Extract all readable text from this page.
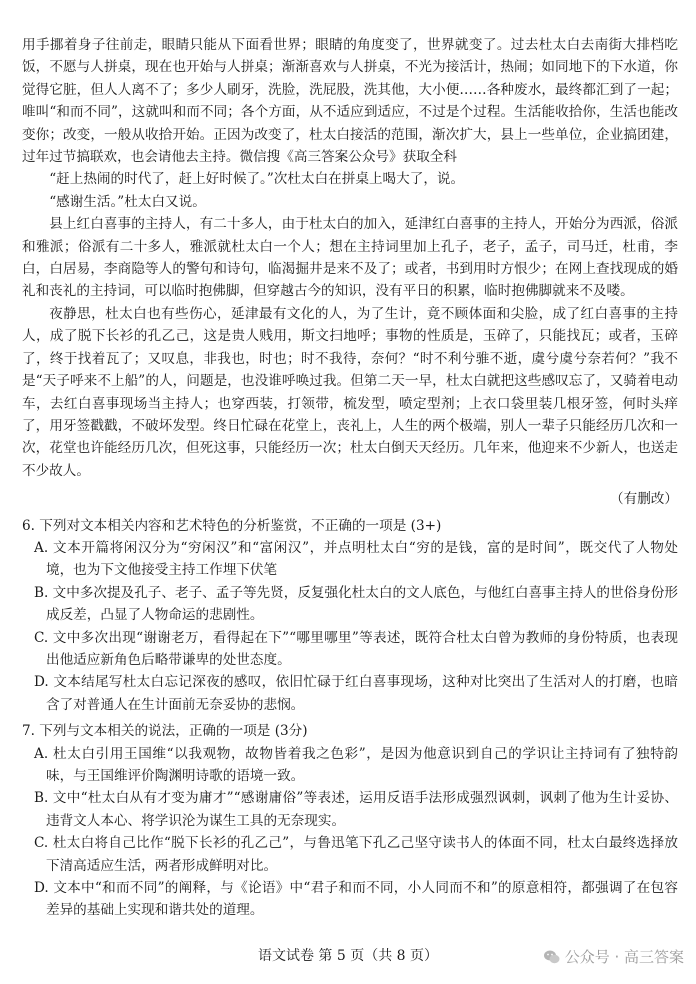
用手挪着身子往前走，眼睛只能从下面看世界；眼睛的角度变了，世界就变了。过去杜太白去南街大排档吃饭，不愿与人拼桌，现在也开始与人拼桌；渐渐喜欢与人拼桌，不光为接活计，热闹；如同地下的下水道，你觉得它脏，但人人离不了；多少人刷牙，洗脸，洗屁股，洗其他，大小便……各种废水，最终都汇到了一起；唯叫“和而不同”，这就叫和而不同；各个方面，从不适应到适应，不过是个过程。生活能收拾你，生活也能改变你；改变，一般从收拾开始。正因为改变了，杜太白接活的范围，渐次扩大，县上一些单位，企业搞团建，过年过节搞联欢，也会请他去主持。微信搜《高三答案公众号》获取全科

“赶上热闹的时代了，赶上好时候了。”次杜太白在拼桌上喝大了，说。

“感谢生活。”杜太白又说。

县上红白喜事的主持人，有二十多人，由于杜太白的加入，延津红白喜事的主持人，开始分为西派，俗派和雅派；俗派有二十多人，雅派就杜太白一个人；想在主持词里加上孔子，老子，孟子，司马迁，杜甫，李白，白居易，李商隐等人的警句和诗句，临渴掘井是来不及了；或者，书到用时方恨少；在网上查找现成的婚礼和丧礼的主持词，可以临时抱佛脚，但穿越古今的知识，没有平日的积累，临时抱佛脚就来不及喽。

夜静思，杜太白也有些伤心，延津最有文化的人，为了生计，竟不顾体面和尖脸，成了红白喜事的主持人，成了脱下长衫的孔乙己，这是贵人贱用，斯文扫地呼；事物的性质是，玉碎了，只能找瓦；或者，玉碎了，终于找着瓦了；又叹息，非我也，时也；时不我待，奈何？“时不利兮骓不逝，虞兮虞兮奈若何？”我不是“天子呼来不上船”的人，问题是，也没谁呼唤过我。但第二天一早，杜太白就把这些感叹忘了，又骑着电动车，去红白喜事现场当主持人；也穿西装，打领带，梳发型，喷定型剂；上衣口袋里装几根牙签，何时头痒了，用牙签戳戳，不破坏发型。终日忙碌在花堂上，丧礼上，人生的两个极端，别人一辈子只能经历几次和一次，花堂也许能经历几次，但死这事，只能经历一次；杜太白倒天天经历。几年来，他迎来不少新人，也送走不少故人。

（有删改）

6. 下列对文本相关内容和艺术特色的分析鉴赏，不正确的一项是 (3+)

A. 文本开篇将闲汉分为“穷闲汉”和“富闲汉”，并点明杜太白“穷的是钱，富的是时间”，既交代了人物处境，也为下文他接受主持工作埋下伏笔

B. 文中多次提及孔子、老子、孟子等先贤，反复强化杜太白的文人底色，与他红白喜事主持人的世俗身份形成反差，凸显了人物命运的悲剧性。

C. 文中多次出现“谢谢老万，看得起在下”“哪里哪里”等表述，既符合杜太白曾为教师的身份特质，也表现出他适应新角色后略带谦卑的处世态度。

D. 文本结尾写杜太白忘记深夜的感叹，依旧忙碌于红白喜事现场，这种对比突出了生活对人的打磨，也暗含了对普通人在生计面前无奈妥协的悲悯。

7. 下列与文本相关的说法，正确的一项是 (3分)

A. 杜太白引用王国维“以我观物，故物皆着我之色彩”，是因为他意识到自己的学识让主持词有了独特韵味，与王国维评价陶渊明诗歌的语境一致。

B. 文中“杜太白从有才变为庸才”“感谢庸俗”等表述，运用反语手法形成强烈讽刺，讽刺了他为生计妥协、违背文人本心、将学识沦为谋生工具的无奈现实。

C. 杜太白将自己比作“脱下长衫的孔乙己”，与鲁迅笔下孔乙己坚守读书人的体面不同，杜太白最终选择放下清高适应生活，两者形成鲜明对比。

D. 文本中“和而不同”的阐释，与《论语》中“君子和而不同，小人同而不和”的原意相符，都强调了在包容差异的基础上实现和谐共处的道理。

语文试卷 第 5 页（共 8 页）	公众号 · 高三答案
